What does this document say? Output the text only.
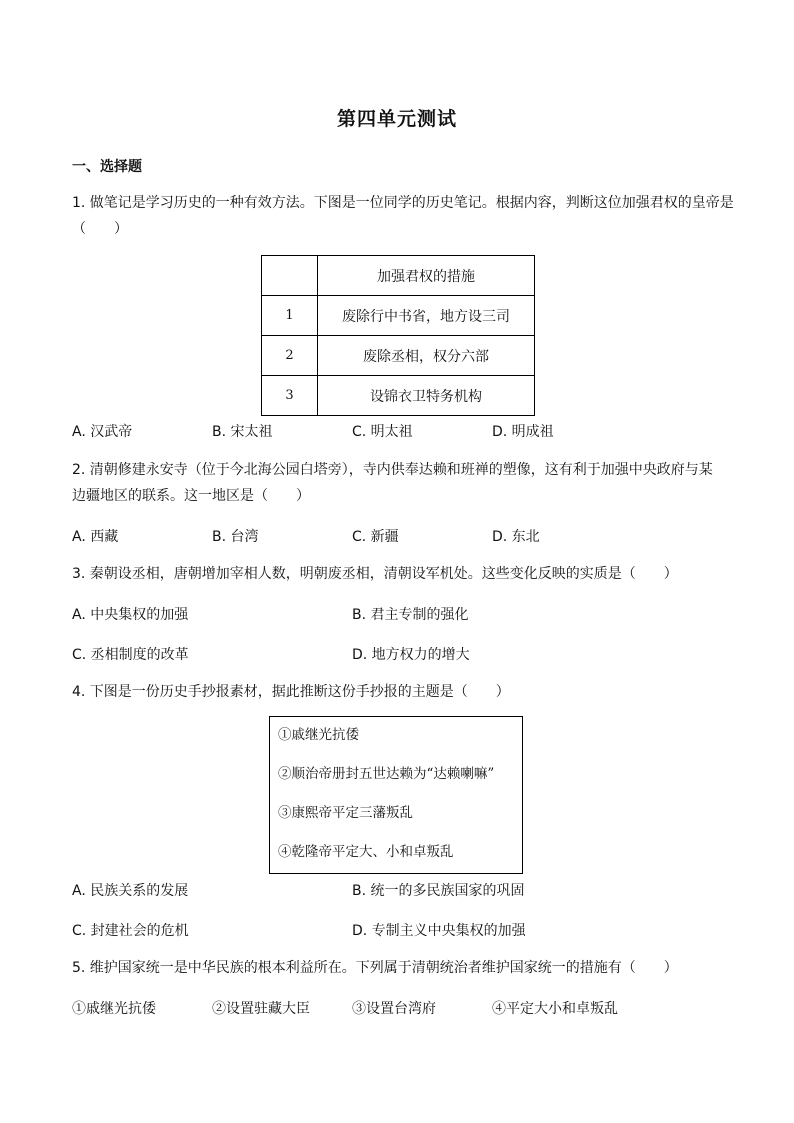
第四单元测试
一、选择题
1. 做笔记是学习历史的一种有效方法。下图是一位同学的历史笔记。根据内容，判断这位加强君权的皇帝是
（　　）
	加强君权的措施
1	废除行中书省，地方设三司
2	废除丞相，权分六部
3	设锦衣卫特务机构
A. 汉武帝	B. 宋太祖	C. 明太祖	D. 明成祖
2. 清朝修建永安寺（位于今北海公园白塔旁），寺内供奉达赖和班禅的塑像，这有利于加强中央政府与某
边疆地区的联系。这一地区是（　　）
A. 西藏	B. 台湾	C. 新疆	D. 东北
3. 秦朝设丞相，唐朝增加宰相人数，明朝废丞相，清朝设军机处。这些变化反映的实质是（　　）
A. 中央集权的加强	B. 君主专制的强化
C. 丞相制度的改革	D. 地方权力的增大
4. 下图是一份历史手抄报素材，据此推断这份手抄报的主题是（　　）
①戚继光抗倭
②顺治帝册封五世达赖为“达赖喇嘛”
③康熙帝平定三藩叛乱
④乾隆帝平定大、小和卓叛乱
A. 民族关系的发展	B. 统一的多民族国家的巩固
C. 封建社会的危机	D. 专制主义中央集权的加强
5. 维护国家统一是中华民族的根本利益所在。下列属于清朝统治者维护国家统一的措施有（　　）
①戚继光抗倭	②设置驻藏大臣	③设置台湾府	④平定大小和卓叛乱
